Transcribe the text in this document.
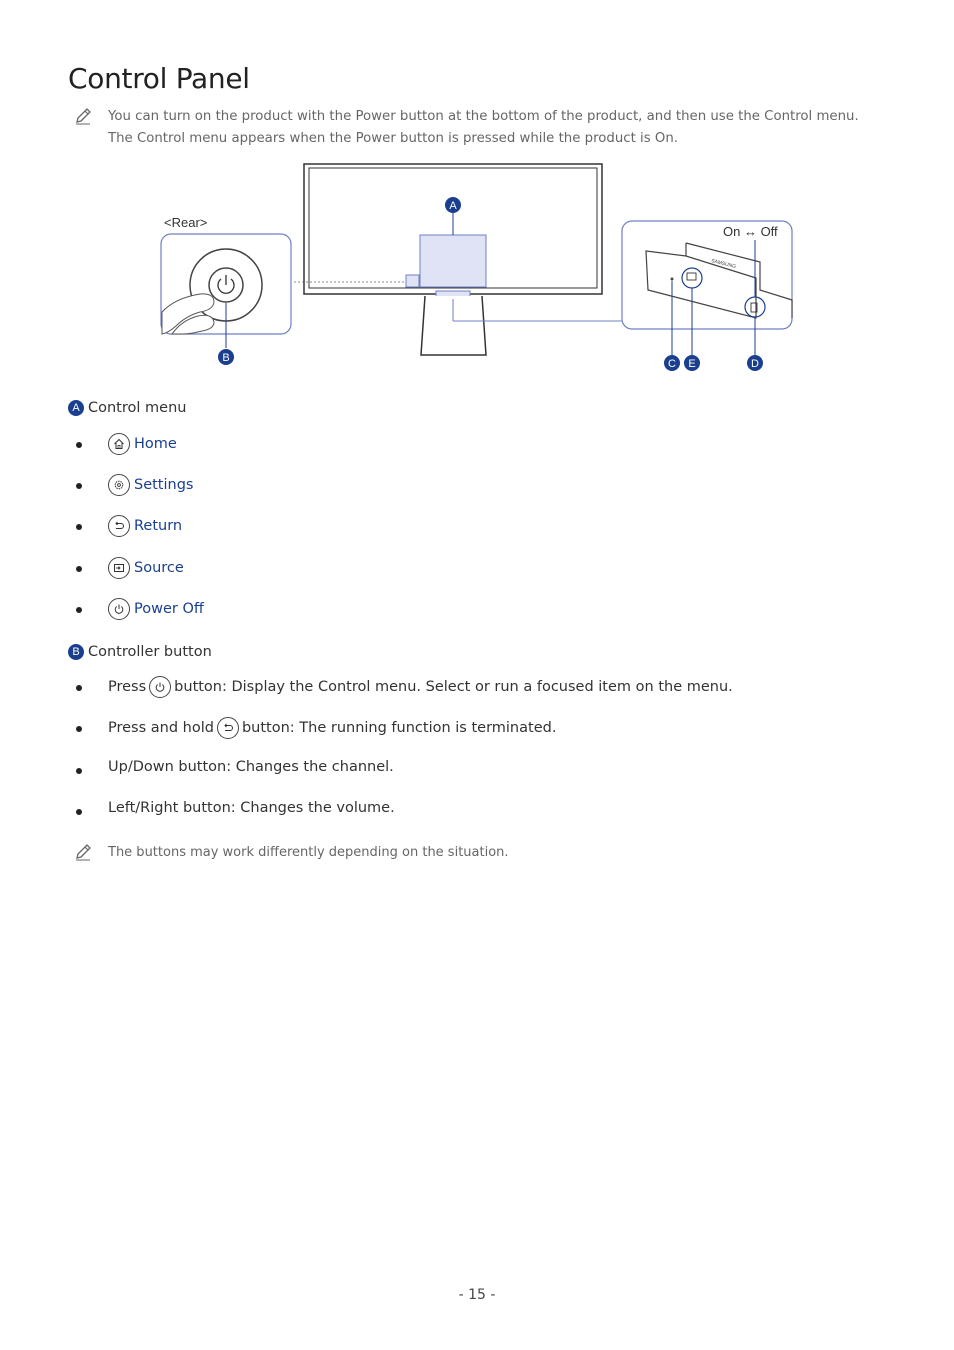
Control Panel
You can turn on the product with the Power button at the bottom of the product, and then use the Control menu. The Control menu appears when the Power button is pressed while the product is On.
<Rear>
B
A
On ↔ Off
SAMSUNG
C E	D
A Control menu
Home
Settings
Return
Source
Power Off
B Controller button
Press button: Display the Control menu. Select or run a focused item on the menu.
Press and hold button: The running function is terminated.
Up/Down button: Changes the channel.
Left/Right button: Changes the volume.
The buttons may work differently depending on the situation.
- 15 -
